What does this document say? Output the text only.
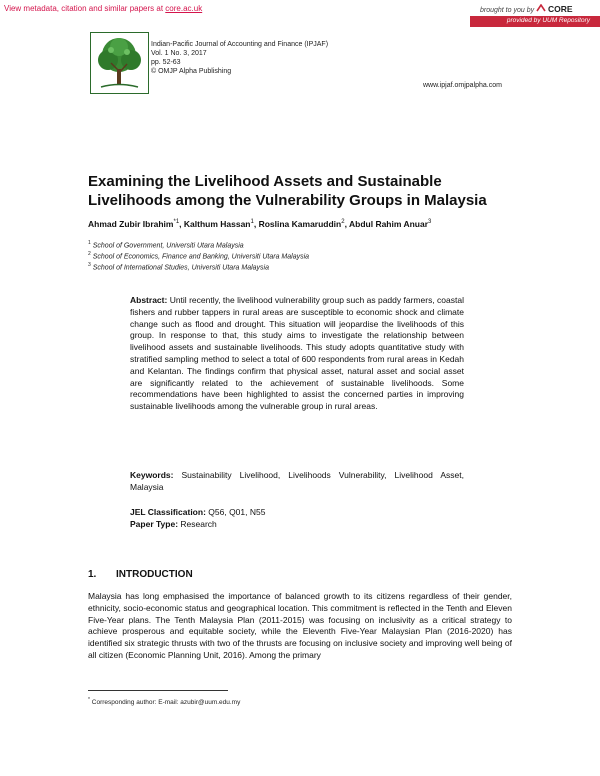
View metadata, citation and similar papers at core.ac.uk	brought to you by CORE
provided by UUM Repository
Indian-Pacific Journal of Accounting and Finance (IPJAF)
Vol. 1 No. 3, 2017
pp. 52-63
© OMJP Alpha Publishing
www.ipjaf.omjpalpha.com
Examining the Livelihood Assets and Sustainable
Livelihoods among the Vulnerability Groups in Malaysia
Ahmad Zubir Ibrahim$^{*1}$, Kalthum Hassan$^1$, Roslina Kamaruddin$^2$, Abdul Rahim Anuar$^3$
$^1$ School of Government, Universiti Utara Malaysia
$^2$ School of Economics, Finance and Banking, Universiti Utara Malaysia
$^3$ School of International Studies, Universiti Utara Malaysia
Abstract: Until recently, the livelihood vulnerability group such as paddy farmers, coastal fishers and rubber tappers in rural areas are susceptible to economic shock and climate change such as flood and drought. This situation will jeopardise the livelihoods of this group. In response to that, this study aims to investigate the relationship between livelihood assets and sustainable livelihoods. This study adopts quantitative study with stratified sampling method to select a total of 600 respondents from rural areas in Kedah and Kelantan. The findings confirm that physical asset, natural asset and social asset are significantly related to the achievement of sustainable livelihoods. Some recommendations have been highlighted to assist the concerned parties in improving sustainable livelihoods among the vulnerable group in rural areas.
Keywords: Sustainability Livelihood, Livelihoods Vulnerability, Livelihood Asset, Malaysia
JEL Classification: Q56, Q01, N55
Paper Type: Research
1. INTRODUCTION
Malaysia has long emphasised the importance of balanced growth to its citizens regardless of their gender, ethnicity, socio-economic status and geographical location. This commitment is reflected in the Tenth and Eleven Five-Year plans. The Tenth Malaysia Plan (2011-2015) was focusing on inclusivity as a critical strategy to achieve prosperous and equitable society, while the Eleventh Five-Year Malaysian Plan (2016-2020) has identified six strategic thrusts with two of the thrusts are focusing on inclusive society and improving well being of all citizen (Economic Planning Unit, 2016). Among the primary
* Corresponding author: E-mail: azubir@uum.edu.my
